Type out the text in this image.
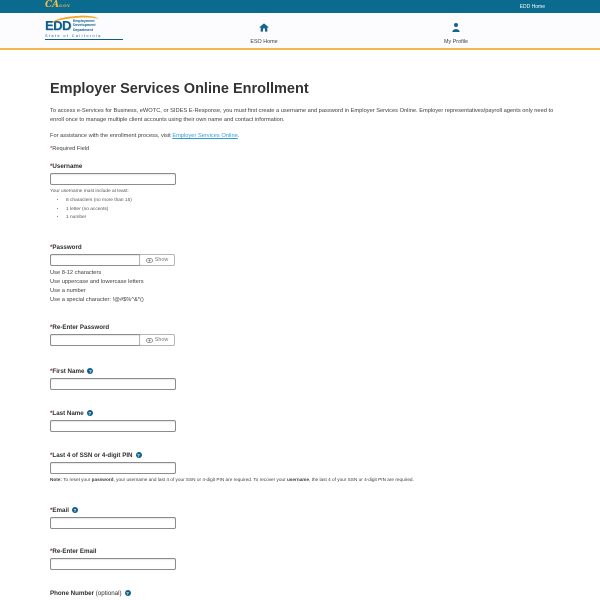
CAGOV	EDD Home
EDD Employment
Development
Department
State of California
ESO Home	My Profile
Employer Services Online Enrollment

To access e-Services for Business, eWOTC, or SIDES E-Response, you must first create a username and password in Employer Services Online. Employer representatives/payroll agents only need to enroll once to manage multiple client accounts using their own name and contact information.

For assistance with the enrollment process, visit Employer Services Online.

*Required Field

*Username
Your username must include at least:
• 8 characters (no more than 15)
• 1 letter (no accents)
• 1 number
*Password
Show
Use 8-12 characters
Use uppercase and lowercase letters
Use a number
Use a special character: !@#$%^&*()
*Re-Enter Password
Show
*First Name ?
*Last Name ?
*Last 4 of SSN or 4-digit PIN ?
Note: To reset your password, your username and last 4 of your SSN or 4-digit PIN are required. To recover your username, the last 4 of your SSN or 4-digit PIN are required.
*Email ?
*Re-Enter Email
Phone Number (optional) ?
